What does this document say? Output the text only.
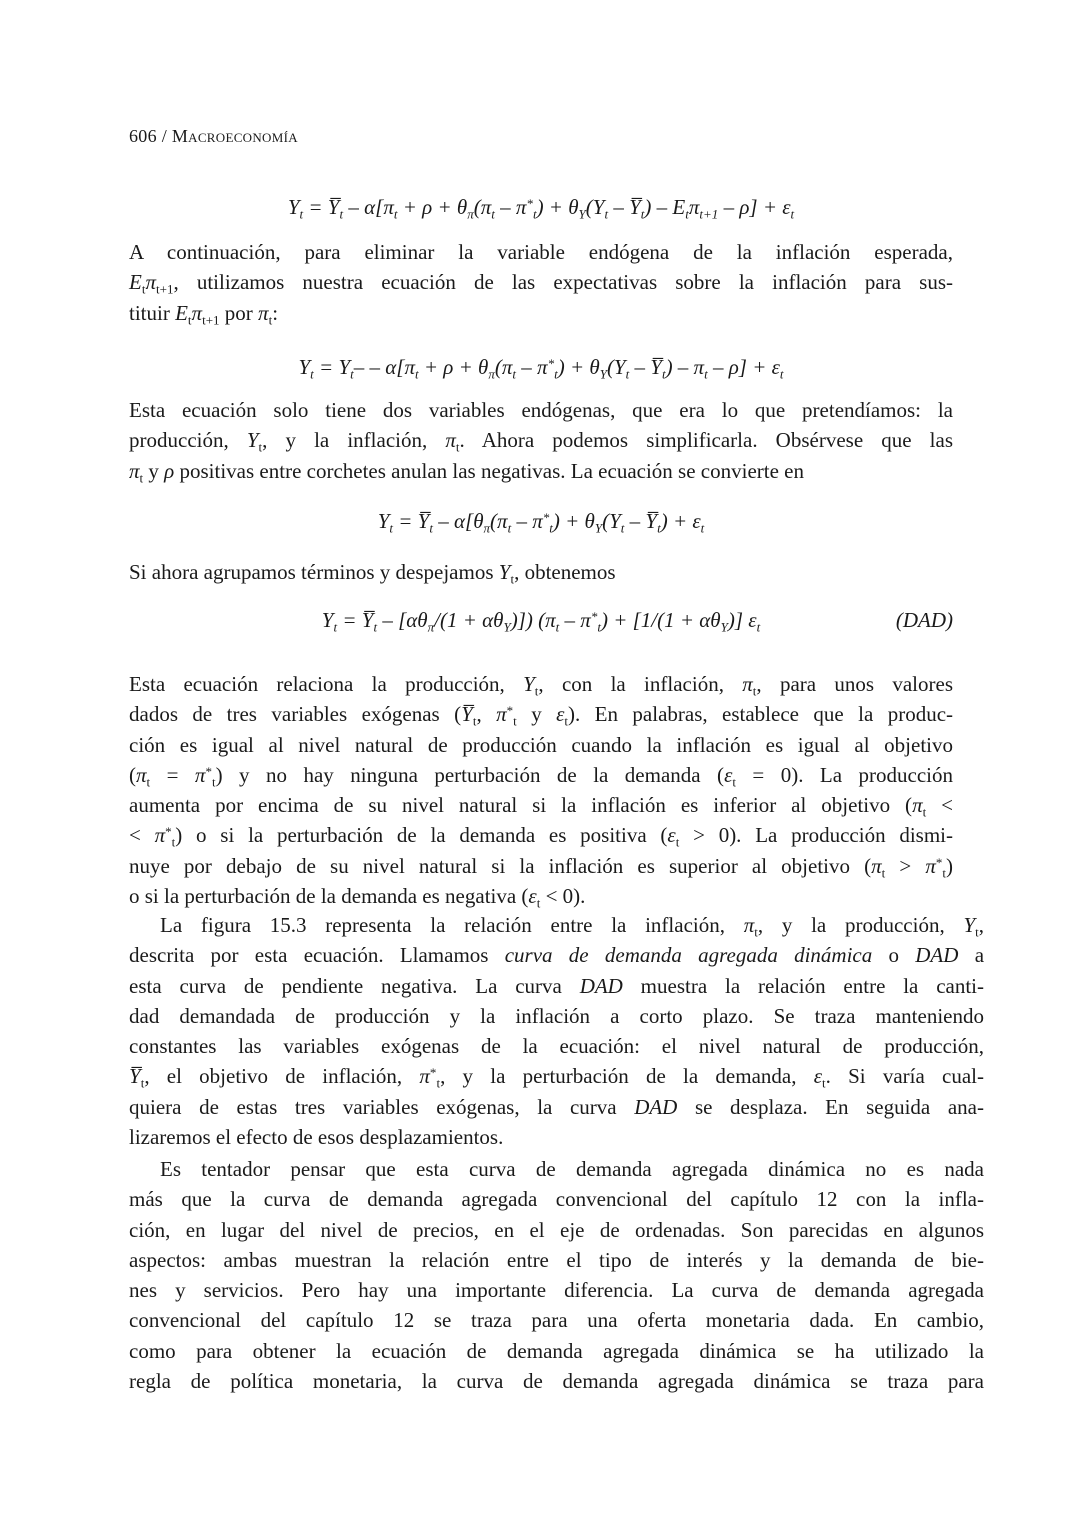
606 / Macroeconomía
$Y_t$ = $Y̅_t - \alpha[\pi_t + \rho + \theta_\pi(\pi_t - \pi^*_t) + \theta_Y(Y_t$ – $Y̅_t) - E_t\pi_{t+1} - \rho] + \varepsilon_t$
A continuación, para eliminar la variable endógena de la inflación esperada,
$E_t\pi_{t+1}$, utilizamos nuestra ecuación de las expectativas sobre la inflación para sus-
tituir $E_t\pi_{t+1}$ por $\pi_t$:
$Y_t = Y_t- - \alpha[\pi_t + \rho + \theta_\pi(\pi_t - \pi^*_t) + \theta_Y(Y_t$ – $Y̅_t) - \pi_t - \rho] + \varepsilon_t$
Esta ecuación solo tiene dos variables endógenas, que era lo que pretendíamos: la
producción, $Y_t$, y la inflación, $\pi_t$. Ahora podemos simplificarla. Obsérvese que las
$\pi_t$ y ρ positivas entre corchetes anulan las negativas. La ecuación se convierte en
$Y_t$ = $Y̅_t - \alpha[\theta_\pi(\pi_t - \pi^*_t) + \theta_Y(Y_t$ – $Y̅_t) + \varepsilon_t$
Si ahora agrupamos términos y despejamos $Y_t$, obtenemos
$Y_t$ = $Y̅_t - [\alpha\theta_\pi/(1 + \alpha\theta_Y)]$) $(\pi_t - \pi^*_t) + [1/(1 + \alpha\theta_Y)]$ $\varepsilon_t$	(DAD)
Esta ecuación relaciona la producción, $Y_t$, con la inflación, $\pi_t$, para unos valores
dados de tres variables exógenas ($Y̅_t$, $\pi^*_t$ y $\varepsilon_t$). En palabras, establece que la produc-
ción es igual al nivel natural de producción cuando la inflación es igual al objetivo
$(\pi_t = \pi^*_t)$ y no hay ninguna perturbación de la demanda $(\varepsilon_t = 0)$. La producción
aumenta por encima de su nivel natural si la inflación es inferior al objetivo ($\pi_t$ <
< $\pi^*_t$) o si la perturbación de la demanda es positiva $(\varepsilon_t > 0)$. La producción dismi-
nuye por debajo de su nivel natural si la inflación es superior al objetivo $(\pi_t > \pi^*_t)$
o si la perturbación de la demanda es negativa $(\varepsilon_t < 0)$.
La figura 15.3 representa la relación entre la inflación, $\pi_t$, y la producción, $Y_t$,
descrita por esta ecuación. Llamamos curva de demanda agregada dinámica o DAD a
esta curva de pendiente negativa. La curva DAD muestra la relación entre la canti-
dad demandada de producción y la inflación a corto plazo. Se traza manteniendo
constantes las variables exógenas de la ecuación: el nivel natural de producción,
$Y̅_t$, el objetivo de inflación, $\pi^*_t$, y la perturbación de la demanda, $\varepsilon_t$. Si varía cual-
quiera de estas tres variables exógenas, la curva DAD se desplaza. En seguida ana-
lizaremos el efecto de esos desplazamientos.
Es tentador pensar que esta curva de demanda agregada dinámica no es nada
más que la curva de demanda agregada convencional del capítulo 12 con la infla-
ción, en lugar del nivel de precios, en el eje de ordenadas. Son parecidas en algunos
aspectos: ambas muestran la relación entre el tipo de interés y la demanda de bie-
nes y servicios. Pero hay una importante diferencia. La curva de demanda agregada
convencional del capítulo 12 se traza para una oferta monetaria dada. En cambio,
como para obtener la ecuación de demanda agregada dinámica se ha utilizado la
regla de política monetaria, la curva de demanda agregada dinámica se traza para
